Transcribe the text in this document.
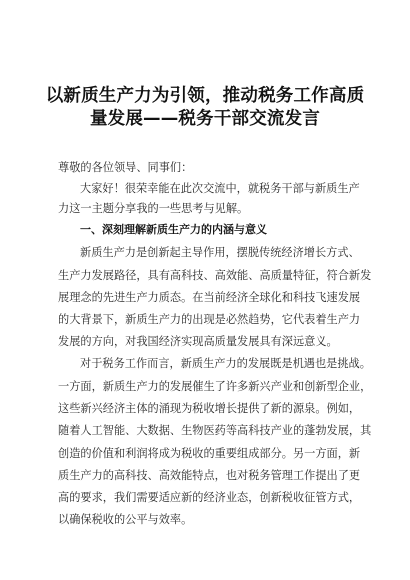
以新质生产力为引领，推动税务工作高质
量发展——税务干部交流发言
尊敬的各位领导、同事们：
大家好！很荣幸能在此次交流中，就税务干部与新质生产
力这一主题分享我的一些思考与见解。
一、深刻理解新质生产力的内涵与意义
新质生产力是创新起主导作用，摆脱传统经济增长方式、
生产力发展路径，具有高科技、高效能、高质量特征，符合新发
展理念的先进生产力质态。在当前经济全球化和科技飞速发展
的大背景下，新质生产力的出现是必然趋势，它代表着生产力
发展的方向，对我国经济实现高质量发展具有深远意义。
对于税务工作而言，新质生产力的发展既是机遇也是挑战。
一方面，新质生产力的发展催生了许多新兴产业和创新型企业，
这些新兴经济主体的涌现为税收增长提供了新的源泉。例如，
随着人工智能、大数据、生物医药等高科技产业的蓬勃发展，其
创造的价值和利润将成为税收的重要组成部分。另一方面，新
质生产力的高科技、高效能特点，也对税务管理工作提出了更
高的要求，我们需要适应新的经济业态，创新税收征管方式，
以确保税收的公平与效率。
